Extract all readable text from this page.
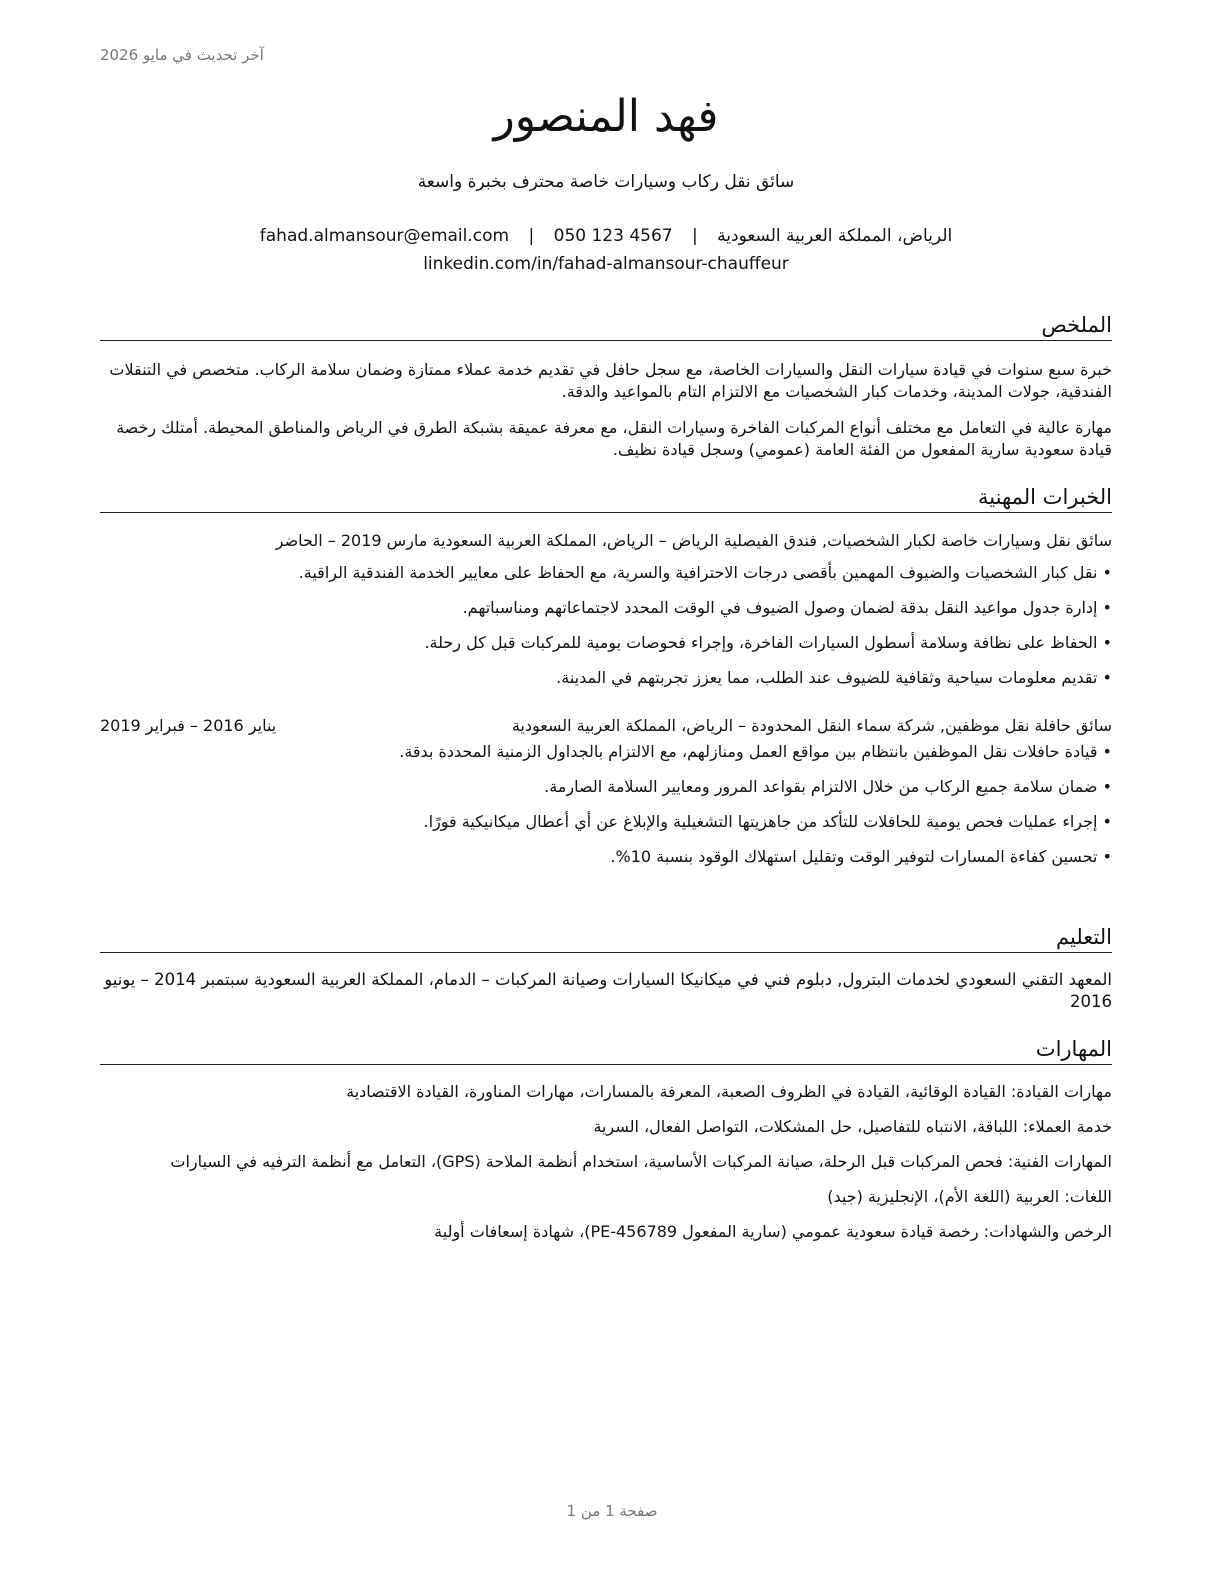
آخر تحديث في مايو 2026
فهد المنصور
سائق نقل ركاب وسيارات خاصة محترف بخبرة واسعة
الرياض، المملكة العربية السعودية | fahad.almansour@email.com | 050 123 4567
linkedin.com/in/fahad-almansour-chauffeur
الملخص

خبرة سبع سنوات في قيادة سيارات النقل والسيارات الخاصة، مع سجل حافل في تقديم خدمة عملاء ممتازة وضمان سلامة الركاب. متخصص في التنقلات الفندقية، جولات المدينة، وخدمات كبار الشخصيات مع الالتزام التام بالمواعيد والدقة.

مهارة عالية في التعامل مع مختلف أنواع المركبات الفاخرة وسيارات النقل، مع معرفة عميقة بشبكة الطرق في الرياض والمناطق المحيطة. أمتلك رخصة قيادة سعودية سارية المفعول من الفئة العامة (عمومي) وسجل قيادة نظيف.

الخبرات المهنية

سائق نقل وسيارات خاصة لكبار الشخصيات, فندق الفيصلية الرياض – الرياض، المملكة العربية السعودية مارس 2019 – الحاضر

• نقل كبار الشخصيات والضيوف المهمين بأقصى درجات الاحترافية والسرية، مع الحفاظ على معايير الخدمة الفندقية الراقية.
• إدارة جدول مواعيد النقل بدقة لضمان وصول الضيوف في الوقت المحدد لاجتماعاتهم ومناسباتهم.
• الحفاظ على نظافة وسلامة أسطول السيارات الفاخرة، وإجراء فحوصات يومية للمركبات قبل كل رحلة.
• تقديم معلومات سياحية وثقافية للضيوف عند الطلب، مما يعزز تجربتهم في المدينة.
سائق حافلة نقل موظفين, شركة سماء النقل المحدودة – الرياض، المملكة العربية السعودية
يناير 2016 – فبراير 2019
• قيادة حافلات نقل الموظفين بانتظام بين مواقع العمل ومنازلهم، مع الالتزام بالجداول الزمنية المحددة بدقة.
• ضمان سلامة جميع الركاب من خلال الالتزام بقواعد المرور ومعايير السلامة الصارمة.
• إجراء عمليات فحص يومية للحافلات للتأكد من جاهزيتها التشغيلية والإبلاغ عن أي أعطال ميكانيكية فورًا.
• تحسين كفاءة المسارات لتوفير الوقت وتقليل استهلاك الوقود بنسبة 10%.
التعليم

المعهد التقني السعودي لخدمات البترول, دبلوم فني في ميكانيكا السيارات وصيانة المركبات – الدمام، المملكة العربية السعودية سبتمبر 2014 – يونيو 2016

المهارات

مهارات القيادة: القيادة الوقائية، القيادة في الظروف الصعبة، المعرفة بالمسارات، مهارات المناورة، القيادة الاقتصادية

خدمة العملاء: اللباقة، الانتباه للتفاصيل، حل المشكلات، التواصل الفعال، السرية

المهارات الفنية: فحص المركبات قبل الرحلة، صيانة المركبات الأساسية، استخدام أنظمة الملاحة (GPS)، التعامل مع أنظمة الترفيه في السيارات

اللغات: العربية (اللغة الأم)، الإنجليزية (جيد)

الرخص والشهادات: رخصة قيادة سعودية عمومي (سارية المفعول PE-456789)، شهادة إسعافات أولية

صفحة 1 من 1
